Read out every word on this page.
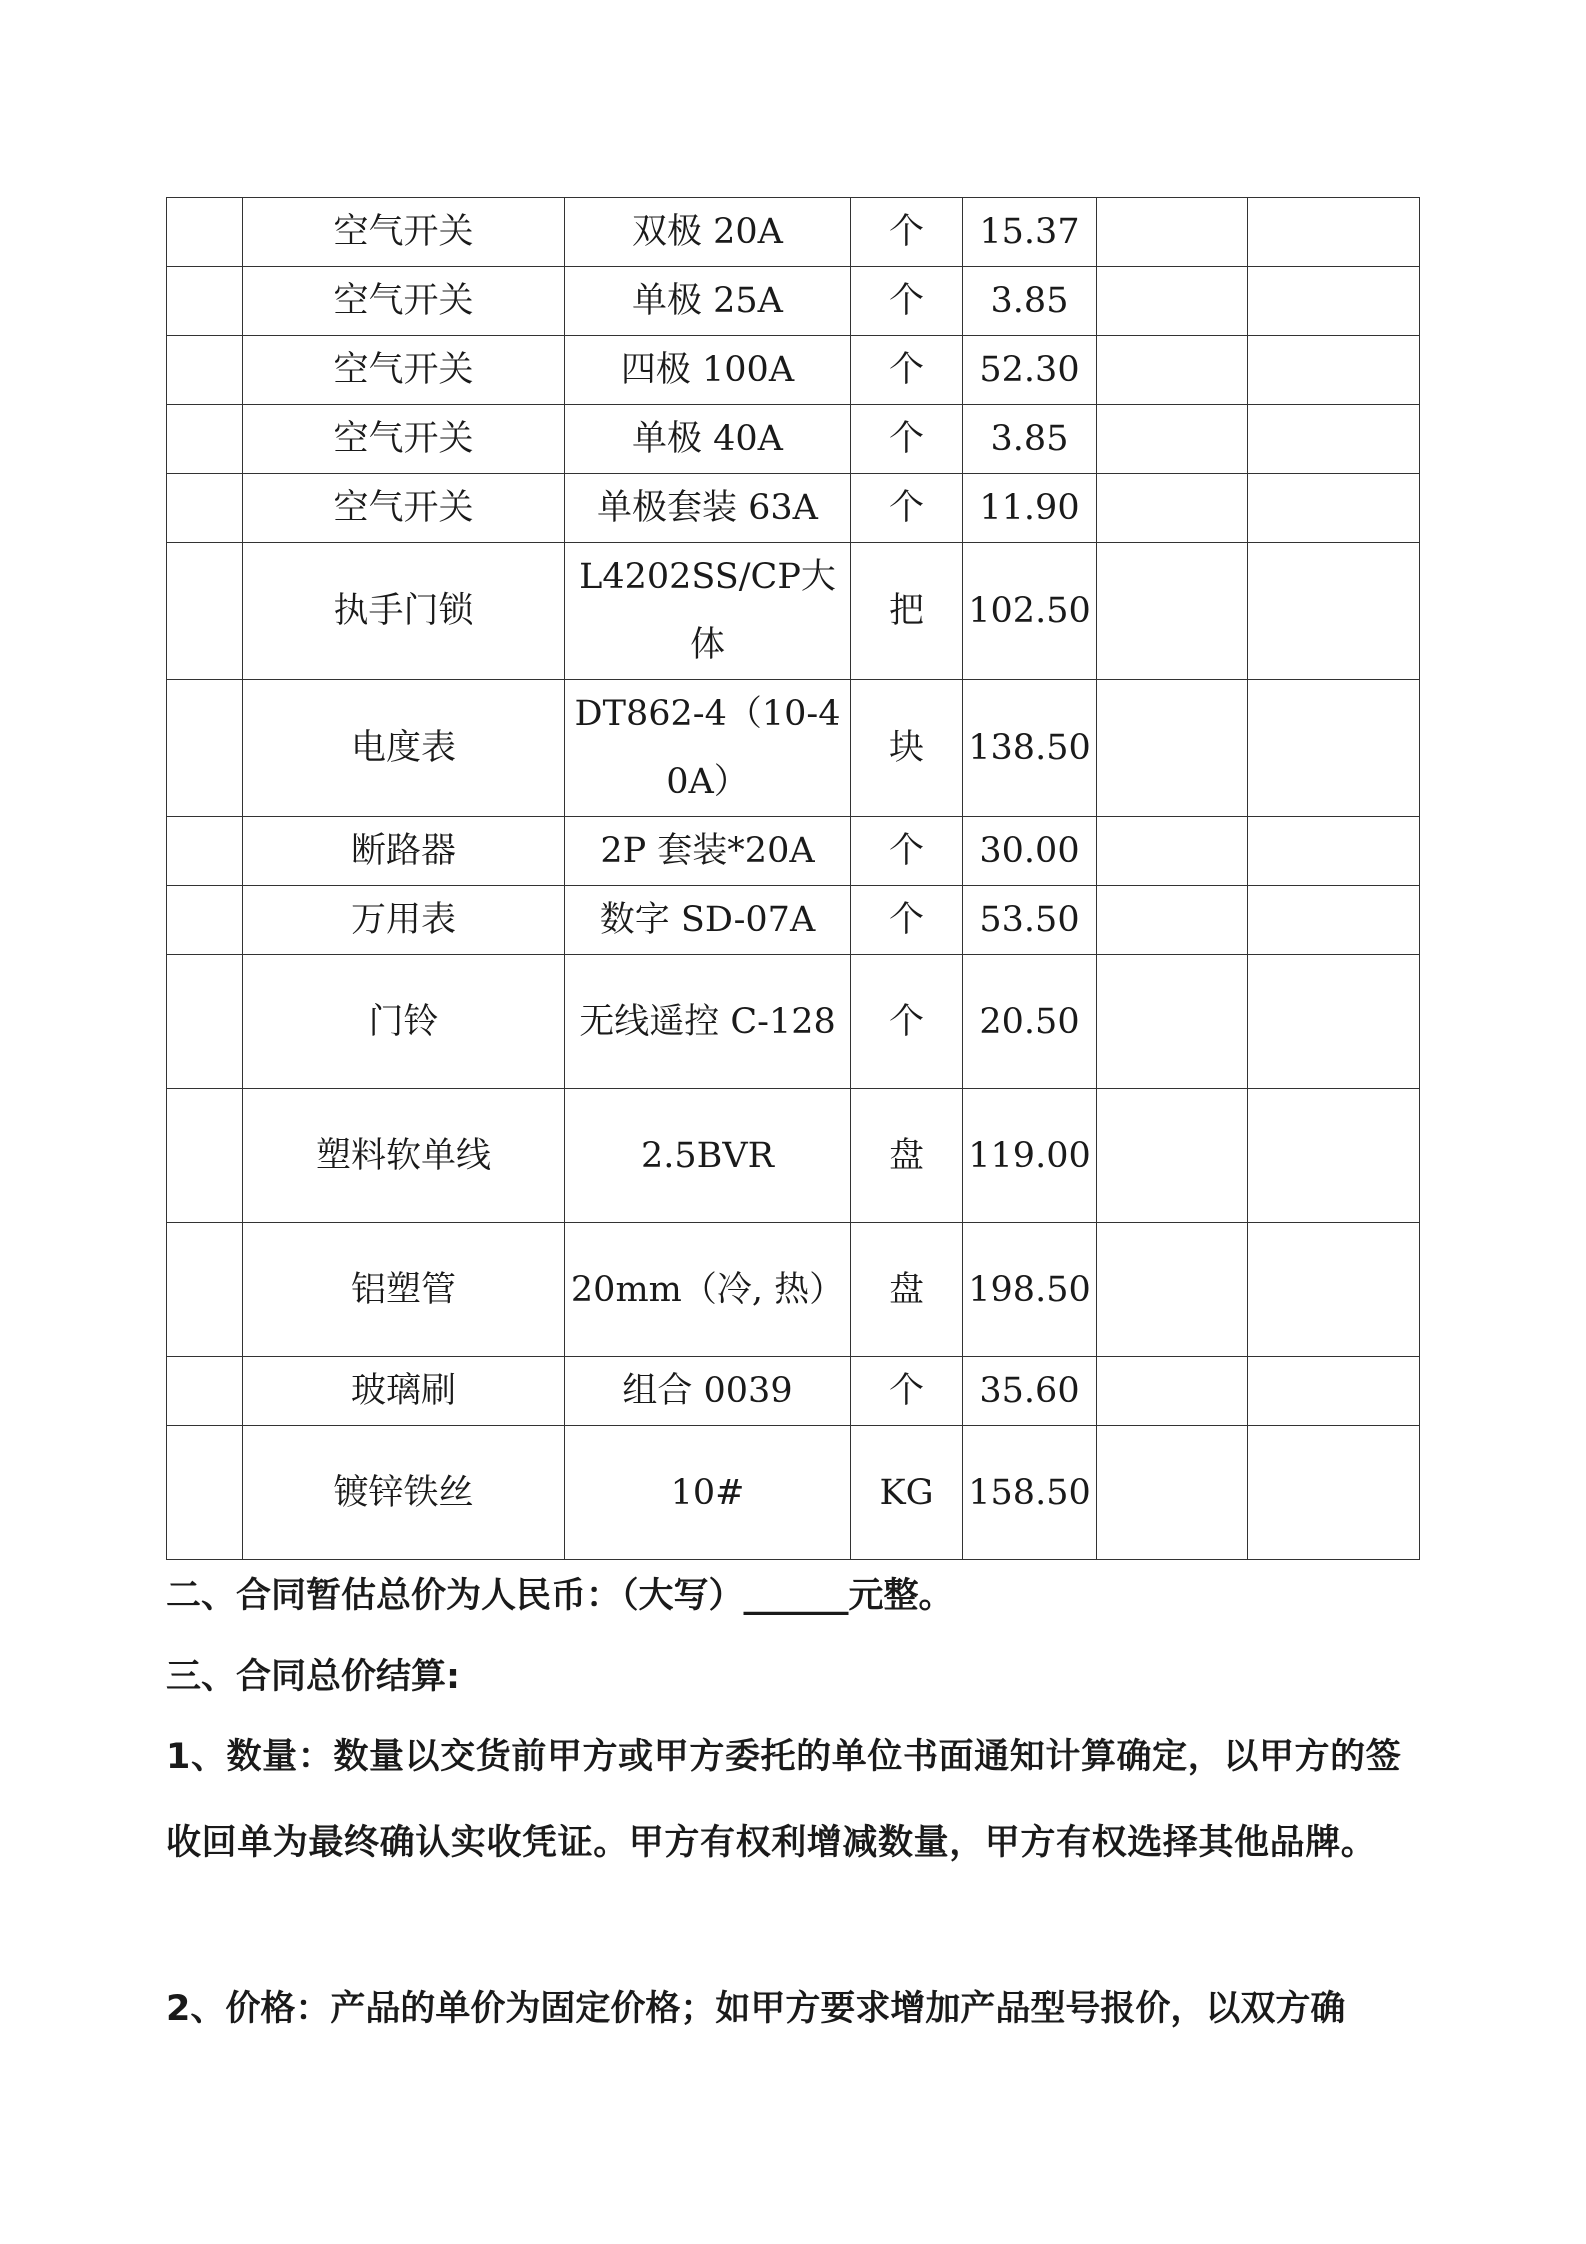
	空气开关	双极 20A	个	15.37		
	空气开关	单极 25A	个	3.85		
	空气开关	四极 100A	个	52.30		
	空气开关	单极 40A	个	3.85		
	空气开关	单极套装 63A	个	11.90		
	执手门锁	L4202SS/CP大体	把	102.50		
	电度表	DT862-4（10-40A）	块	138.50		
	断路器	2P 套装*20A	个	30.00		
	万用表	数字 SD-07A	个	53.50		
	门铃	无线遥控 C-128	个	20.50		
	塑料软单线	2.5BVR	盘	119.00		
	铝塑管	20mm（冷, 热）	盘	198.50		
	玻璃刷	组合 0039	个	35.60		
	镀锌铁丝	10#	KG	158.50		

二、合同暂估总价为人民币：（大写）______元整。

三、合同总价结算:

1、数量：数量以交货前甲方或甲方委托的单位书面通知计算确定，以甲方的签收回单为最终确认实收凭证。甲方有权利增减数量，甲方有权选择其他品牌。

2、价格：产品的单价为固定价格；如甲方要求增加产品型号报价，以双方确
